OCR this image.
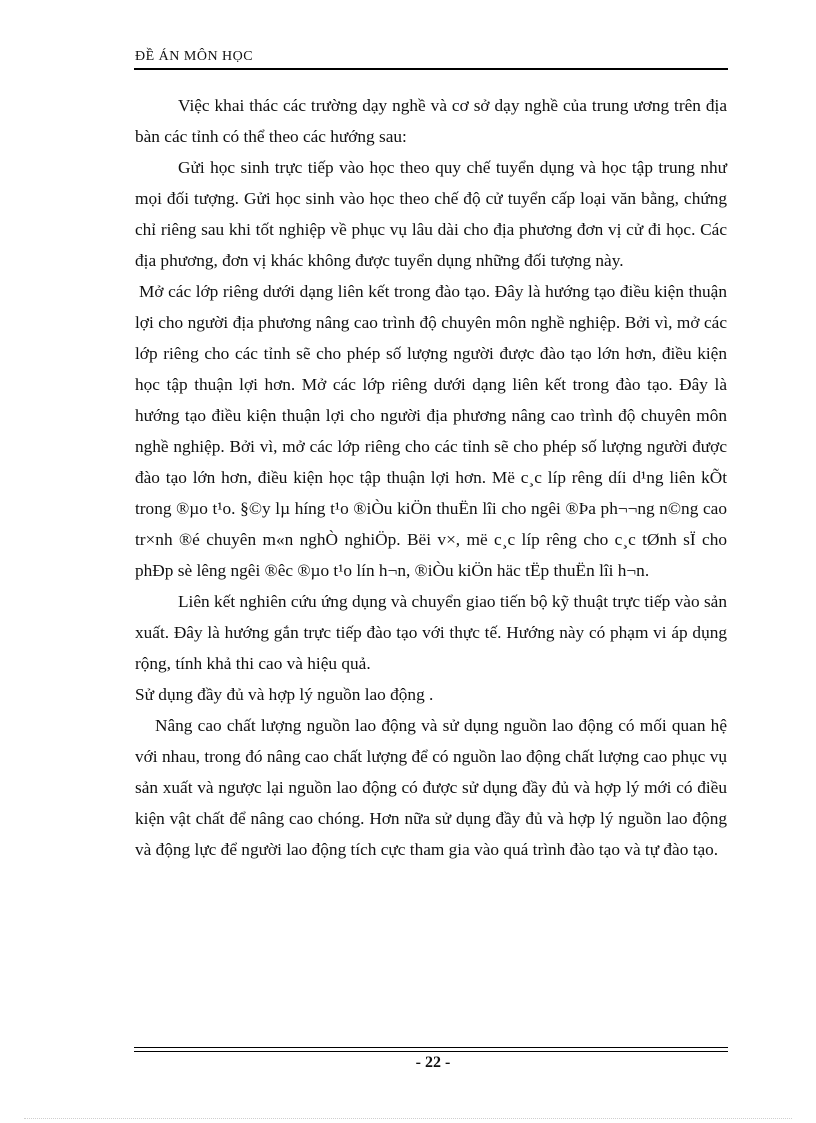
ĐỀ ÁN MÔN HỌC

Việc khai thác các trường dạy nghề và cơ sở dạy nghề của trung ương trên địa bàn các tỉnh có thể theo các hướng sau:

Gửi học sinh trực tiếp vào học theo quy chế tuyển dụng và học tập trung như mọi đối tượng. Gửi học sinh vào học theo chế độ cử tuyển cấp loại văn bằng, chứng chỉ riêng sau khi tốt nghiệp về phục vụ lâu dài cho địa phương đơn vị cử đi học. Các địa phương, đơn vị khác không được tuyển dụng những đối tượng này.

Mở các lớp riêng dưới dạng liên kết trong đào tạo. Đây là hướng tạo điều kiện thuận lợi cho người địa phương nâng cao trình độ chuyên môn nghề nghiệp. Bởi vì, mở các lớp riêng cho các tỉnh sẽ cho phép số lượng người được đào tạo lớn hơn, điều kiện học tập thuận lợi hơn. Mở các lớp riêng dưới dạng liên kết trong đào tạo. Đây là hướng tạo điều kiện thuận lợi cho người địa phương nâng cao trình độ chuyên môn nghề nghiệp. Bởi vì, mở các lớp riêng cho các tỉnh sẽ cho phép số lượng người được đào tạo lớn hơn, điều kiện học tập thuận lợi hơn. Më c¸c líp rêng díi d¹ng liên kÕt trong ®µo t¹o. §©y lµ híng t¹o ®iÒu kiÖn thuËn lîi cho ngêi ®Þa ph¬¬ng n©ng cao tr×nh ®é chuyên m«n nghÒ nghiÖp. Bëi v×, më c¸c líp rêng cho c¸c tØnh sÏ cho phÐp sè lêng ngêi ®êc ®µo t¹o lín h¬n, ®iÒu kiÖn häc tËp thuËn lîi h¬n.

Liên kết nghiên cứu ứng dụng và chuyển giao tiến bộ kỹ thuật trực tiếp vào sản xuất. Đây là hướng gắn trực tiếp đào tạo với thực tế. Hướng này có phạm vi áp dụng rộng, tính khả thi cao và hiệu quả.

Sử dụng đầy đủ và hợp lý nguồn lao động .

Nâng cao chất lượng nguồn lao động và sử dụng nguồn lao động có mối quan hệ với nhau, trong đó nâng cao chất lượng để có nguồn lao động chất lượng cao phục vụ sản xuất và ngược lại nguồn lao động có được sử dụng đầy đủ và hợp lý mới có điều kiện vật chất để nâng cao chóng. Hơn nữa sử dụng đầy đủ và hợp lý nguồn lao động và động lực để người lao động tích cực tham gia vào quá trình đào tạo và tự đào tạo.

- 22 -
